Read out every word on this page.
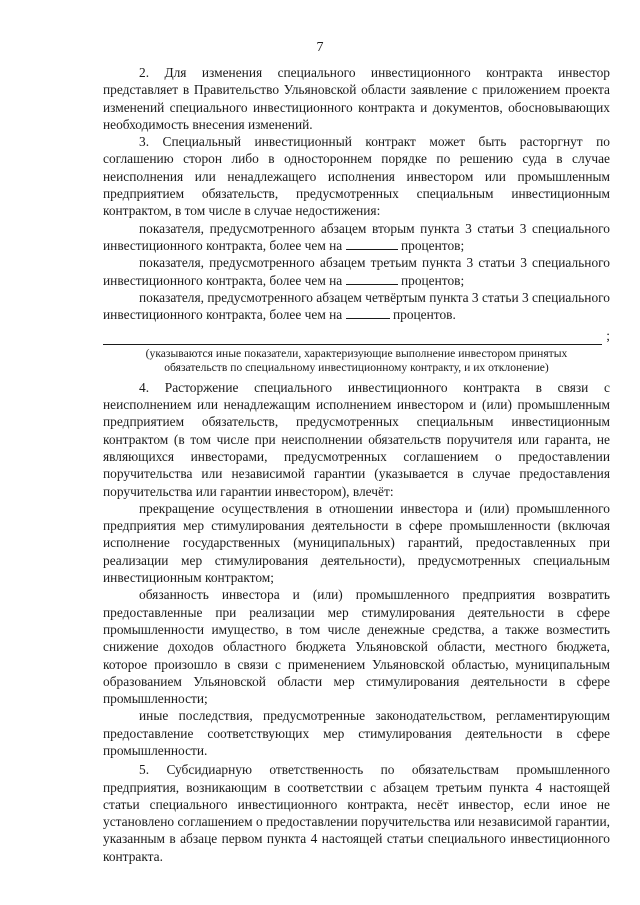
7

2. Для изменения специального инвестиционного контракта инвестор представляет в Правительство Ульяновской области заявление с приложением проекта изменений специального инвестиционного контракта и документов, обосновывающих необходимость внесения изменений.

3. Специальный инвестиционный контракт может быть расторгнут по соглашению сторон либо в одностороннем порядке по решению суда в случае неисполнения или ненадлежащего исполнения инвестором или промышленным предприятием обязательств, предусмотренных специальным инвестиционным контрактом, в том числе в случае недостижения:

показателя, предусмотренного абзацем вторым пункта 3 статьи 3 специального инвестиционного контракта, более чем на	процентов;

показателя, предусмотренного абзацем третьим пункта 3 статьи 3 специального инвестиционного контракта, более чем на	процентов;

показателя, предусмотренного абзацем четвёртым пункта 3 статьи 3 специального инвестиционного контракта, более чем на	процентов.

;
(указываются иные показатели, характеризующие выполнение инвестором принятых
обязательств по специальному инвестиционному контракту, и их отклонение)

4. Расторжение специального инвестиционного контракта в связи с неисполнением или ненадлежащим исполнением инвестором и (или) промышленным предприятием обязательств, предусмотренных специальным инвестиционным контрактом (в том числе при неисполнении обязательств поручителя или гаранта, не являющихся инвесторами, предусмотренных соглашением о предоставлении поручительства или независимой гарантии (указывается в случае предоставления поручительства или гарантии инвестором), влечёт:

прекращение осуществления в отношении инвестора и (или) промышленного предприятия мер стимулирования деятельности в сфере промышленности (включая исполнение государственных (муниципальных) гарантий, предоставленных при реализации мер стимулирования деятельности), предусмотренных специальным инвестиционным контрактом;

обязанность инвестора и (или) промышленного предприятия возвратить предоставленные при реализации мер стимулирования деятельности в сфере промышленности имущество, в том числе денежные средства, а также возместить снижение доходов областного бюджета Ульяновской области, местного бюджета, которое произошло в связи с применением Ульяновской областью, муниципальным образованием Ульяновской области мер стимулирования деятельности в сфере промышленности;

иные последствия, предусмотренные законодательством, регламентирующим предоставление соответствующих мер стимулирования деятельности в сфере промышленности.

5. Субсидиарную ответственность по обязательствам промышленного предприятия, возникающим в соответствии с абзацем третьим пункта 4 настоящей статьи специального инвестиционного контракта, несёт инвестор, если иное не установлено соглашением о предоставлении поручительства или независимой гарантии, указанным в абзаце первом пункта 4 настоящей статьи специального инвестиционного контракта.
